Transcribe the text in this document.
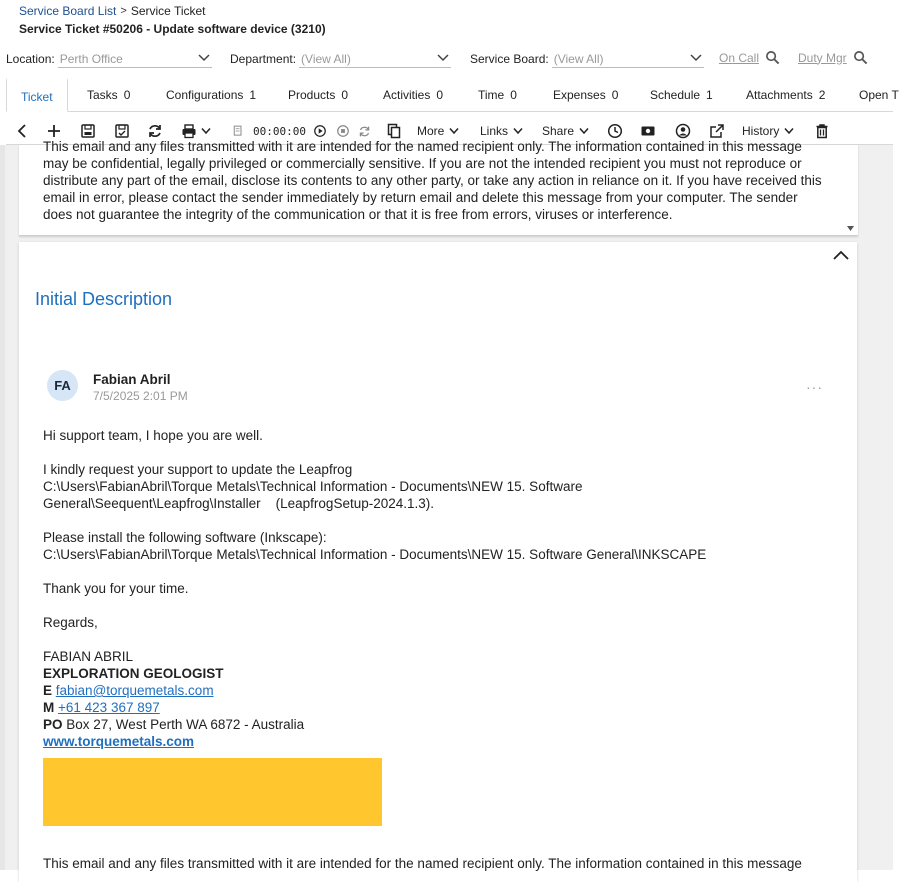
Service Board List > Service Ticket
Service Ticket #50206 - Update software device (3210)
Location: Perth Office	Department: (View All)	Service Board: (View All)	On Call	Duty Mgr
Ticket	Tasks 0	Configurations 1	Products 0	Activities 0	Time 0	Expenses 0	Schedule 1	Attachments 2	Open T
00:00:00	More	Links	Share	History

This email and any files transmitted with it are intended for the named recipient only. The information contained in this message may be confidential, legally privileged or commercially sensitive. If you are not the intended recipient you must not reproduce or distribute any part of the email, disclose its contents to any other party, or take any action in reliance on it. If you have received this email in error, please contact the sender immediately by return email and delete this message from your computer. The sender does not guarantee the integrity of the communication or that it is free from errors, viruses or interference.

Initial Description
FA	Fabian Abril
7/5/2025 2:01 PM
···
Hi support team, I hope you are well.
I kindly request your support to update the Leapfrog
C:\Users\FabianAbril\Torque Metals\Technical Information - Documents\NEW 15. Software
General\Seequent\Leapfrog\Installer    (LeapfrogSetup-2024.1.3).
Please install the following software (Inkscape):
C:\Users\FabianAbril\Torque Metals\Technical Information - Documents\NEW 15. Software General\INKSCAPE
Thank you for your time.
Regards,
FABIAN ABRIL
EXPLORATION GEOLOGIST
E fabian@torquemetals.com
M +61 423 367 897
PO Box 27, West Perth WA 6872 - Australia
www.torquemetals.com
This email and any files transmitted with it are intended for the named recipient only. The information contained in this message
